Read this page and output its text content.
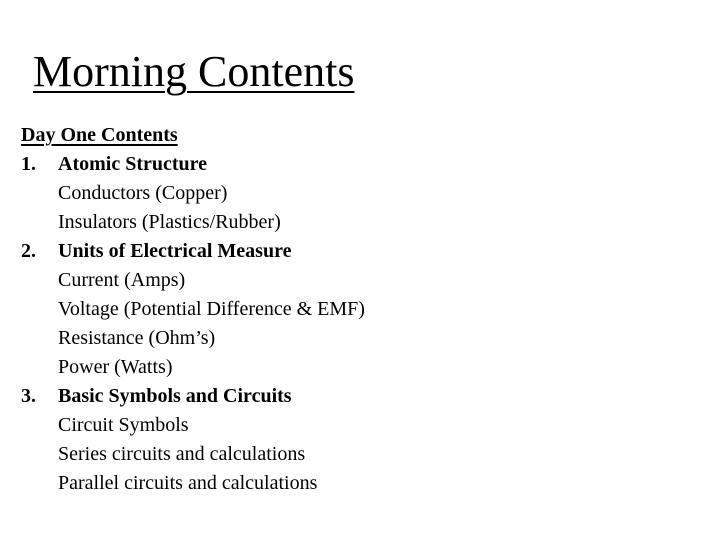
Morning Contents
Day One Contents
1. Atomic Structure
Conductors (Copper)
Insulators (Plastics/Rubber)
2. Units of Electrical Measure
Current (Amps)
Voltage (Potential Difference & EMF)
Resistance (Ohm’s)
Power (Watts)
3. Basic Symbols and Circuits
Circuit Symbols
Series circuits and calculations
Parallel circuits and calculations
